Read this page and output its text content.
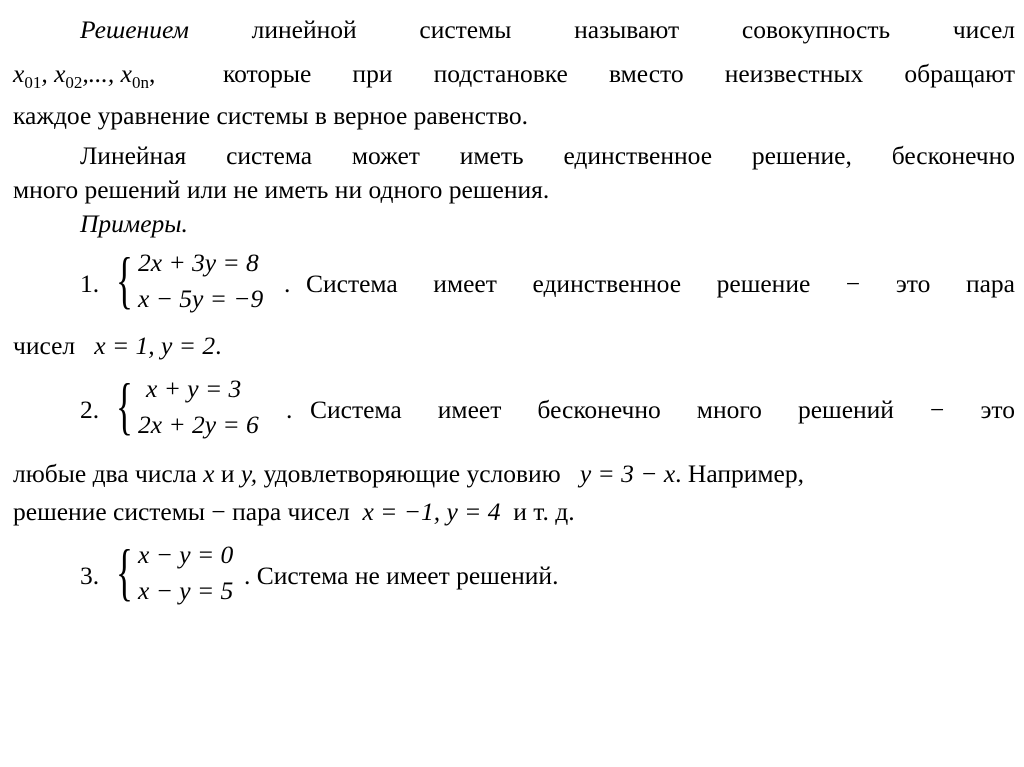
Решением линейной системы называют совокупность чисел
$x_{01}$, $x_{02}$,..., $x_{0n}$,	которые при подстановке вместо неизвестных обращают
каждое уравнение системы в верное равенство.
Линейная система может иметь единственное решение, бесконечно
много решений или не иметь ни одного решения.
Примеры.
1. { 2x + 3y = 8
x − 5y = −9
. Система имеет единственное решение − это пара
чисел x = 1, y = 2.
2. { x + y = 3
2x + 2y = 6
. Система имеет бесконечно много решений − это
любые два числа x и y, удовлетворяющие условию y = 3 − x. Например,
решение системы − пара чисел x = −1, y = 4 и т. д.
3. { x − y = 0
x − y = 5
. Система не имеет решений.
